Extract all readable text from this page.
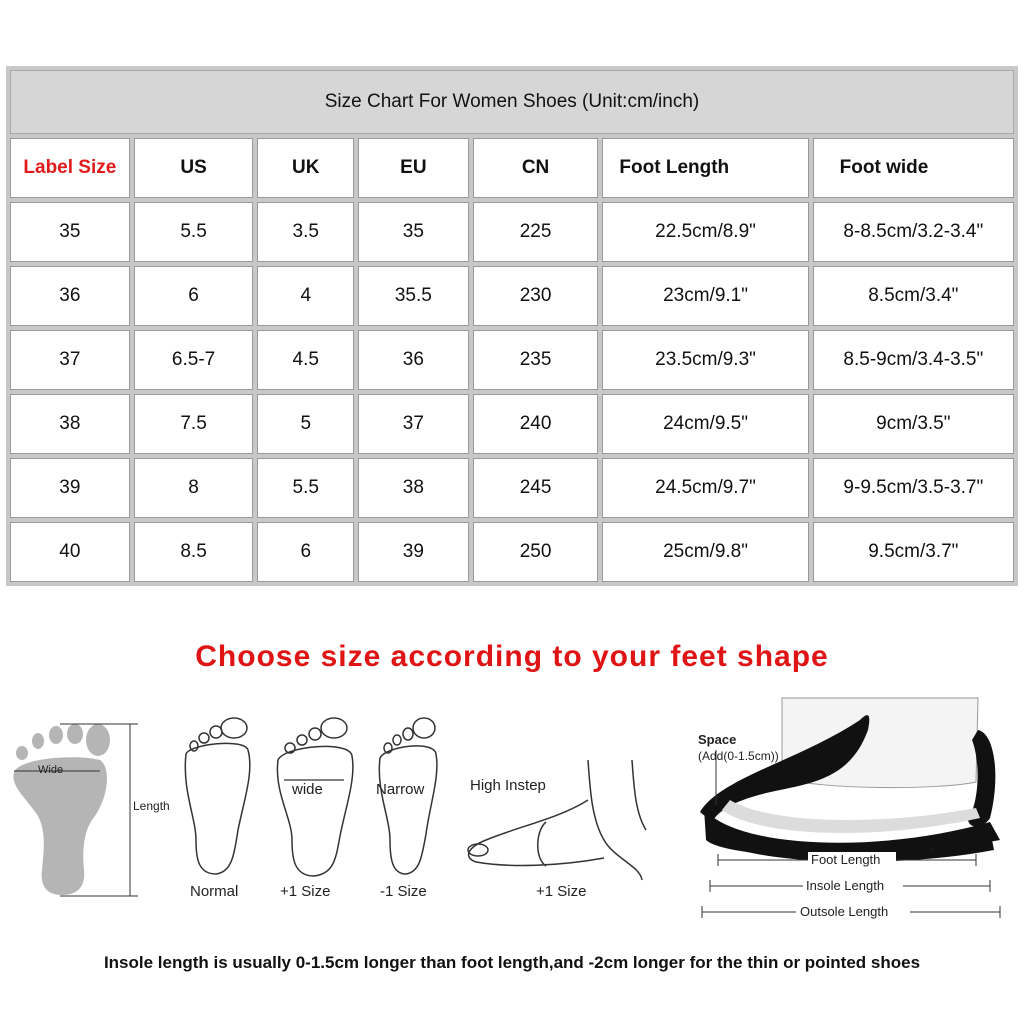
Size Chart For Women Shoes (Unit:cm/inch)						
Label Size	US	UK	EU	CN	Foot Length	Foot wide
35	5.5	3.5	35	225	22.5cm/8.9"	8-8.5cm/3.2-3.4"
36	6	4	35.5	230	23cm/9.1"	8.5cm/3.4"
37	6.5-7	4.5	36	235	23.5cm/9.3"	8.5-9cm/3.4-3.5"
38	7.5	5	37	240	24cm/9.5"	9cm/3.5"
39	8	5.5	38	245	24.5cm/9.7"	9-9.5cm/3.5-3.7"
40	8.5	6	39	250	25cm/9.8"	9.5cm/3.7"
Choose size according to your feet shape
Wide
Length
Normal
wide
+1 Size
Narrow
-1 Size
High Instep
+1 Size
Space
(Add(0-1.5cm))
Foot Length
Insole Length
Outsole Length
Insole length is usually 0-1.5cm longer than foot length,and -2cm longer for the thin or pointed shoes
